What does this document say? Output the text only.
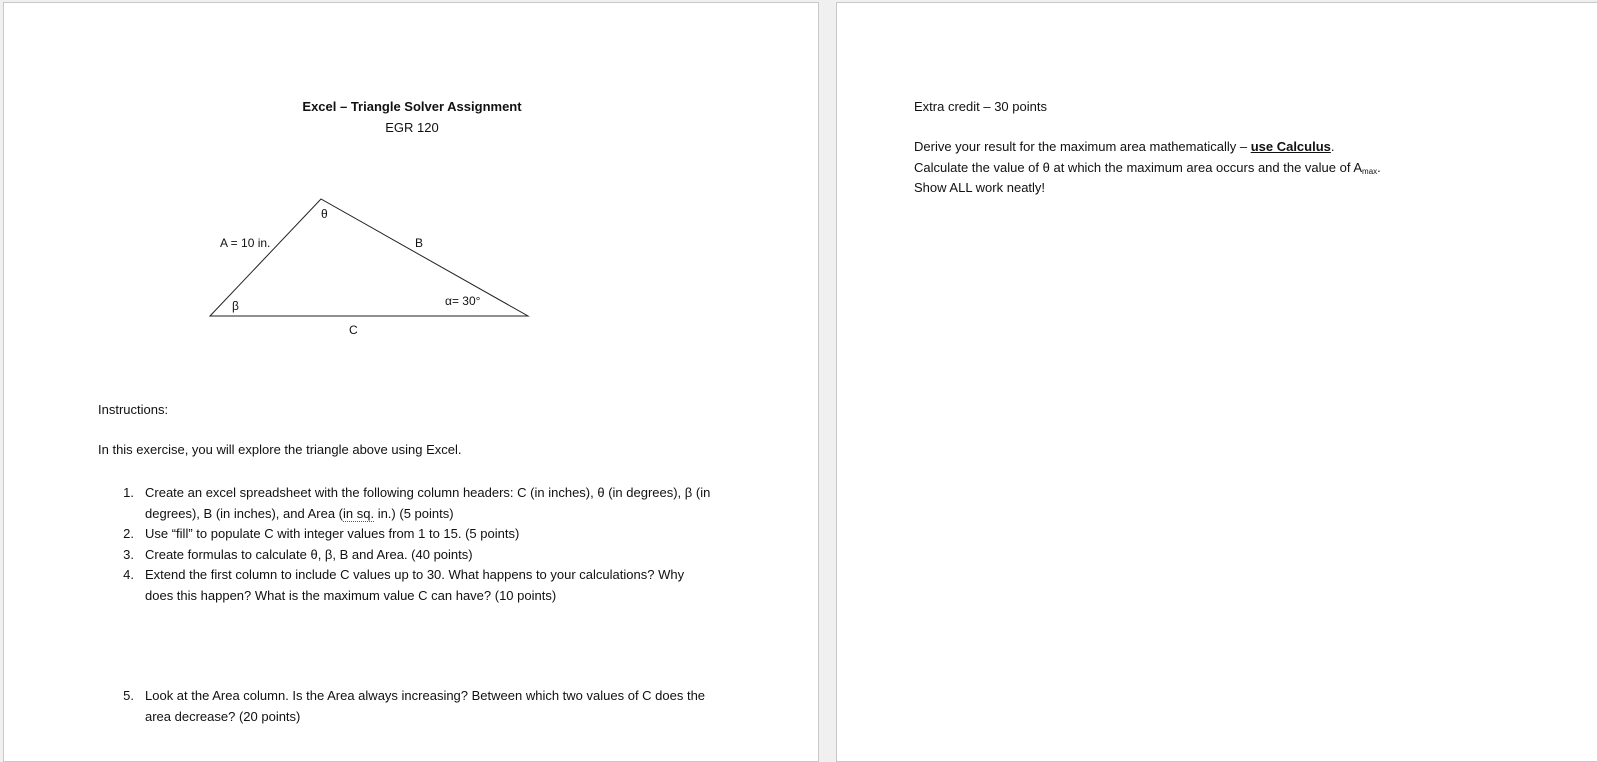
Excel – Triangle Solver Assignment
EGR 120
A = 10 in.
θ
B
β	α= 30°
C
Instructions:
In this exercise, you will explore the triangle above using Excel.
1. Create an excel spreadsheet with the following column headers: C (in inches), θ (in degrees), β (in degrees), B (in inches), and Area (in sq. in.) (5 points)
2. Use “fill” to populate C with integer values from 1 to 15. (5 points)
3. Create formulas to calculate θ, β, B and Area. (40 points)
4. Extend the first column to include C values up to 30. What happens to your calculations? Why does this happen? What is the maximum value C can have? (10 points)
5. Look at the Area column. Is the Area always increasing? Between which two values of C does the area decrease? (20 points)
Extra credit – 30 points
Derive your result for the maximum area mathematically – use Calculus.
Calculate the value of θ at which the maximum area occurs and the value of $A_{max}$.
Show ALL work neatly!
